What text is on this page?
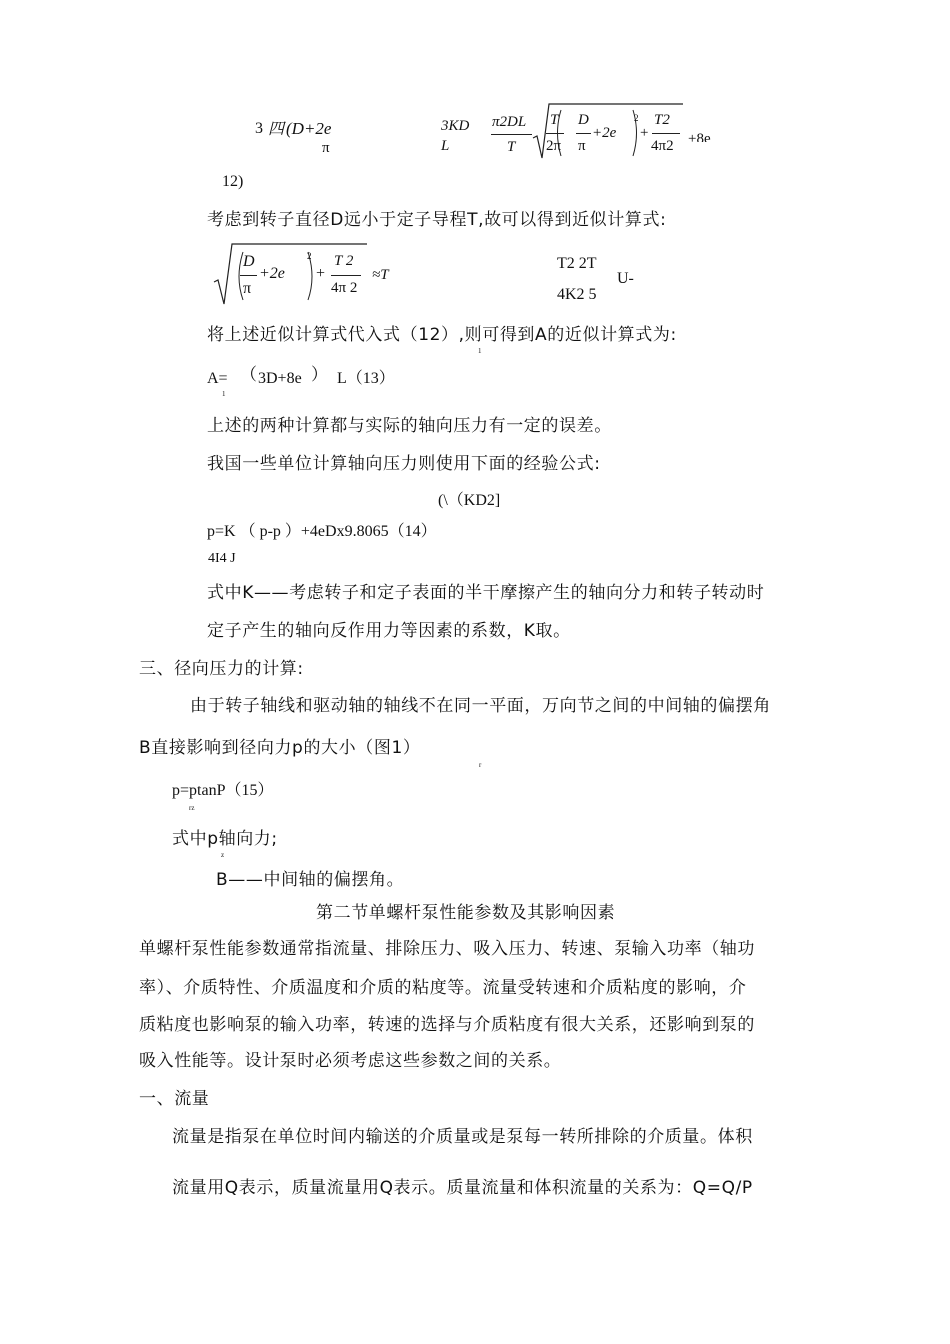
3 四 (D+2e
π
3KD
L
π2DL
T
T
2π
D
π
+2e
2
+
T2
4π2 +8e
12)
考虑到转子直径D远小于定子导程T,故可以得到近似计算式:
D
π
+2e
2
+
T 2
4π 2
≈T
T2 2T
4K2 5
U-
将上述近似计算式代入式（12）,则可得到A的近似计算式为:
1
A=
1
（ 3D+8e ） L（13）
上述的两种计算都与实际的轴向压力有一定的误差。
我国一些单位计算轴向压力则使用下面的经验公式:
(\（KD2]
p=K （ p-p ）+4eDx9.8065（14）
4I4 J
式中K——考虑转子和定子表面的半干摩擦产生的轴向分力和转子转动时
定子产生的轴向反作用力等因素的系数，K取。
三、径向压力的计算:
由于转子轴线和驱动轴的轴线不在同一平面，万向节之间的中间轴的偏摆角
B直接影响到径向力p的大小（图1）
r
p=ptanP（15）
rz
式中p轴向力;
z
B——中间轴的偏摆角。
第二节单螺杆泵性能参数及其影响因素
单螺杆泵性能参数通常指流量、排除压力、吸入压力、转速、泵输入功率（轴功
率）、介质特性、介质温度和介质的粘度等。流量受转速和介质粘度的影响，介
质粘度也影响泵的输入功率，转速的选择与介质粘度有很大关系，还影响到泵的
吸入性能等。设计泵时必须考虑这些参数之间的关系。
一、流量
流量是指泵在单位时间内输送的介质量或是泵每一转所排除的介质量。体积
流量用Q表示，质量流量用Q表示。质量流量和体积流量的关系为：Q=Q/P
